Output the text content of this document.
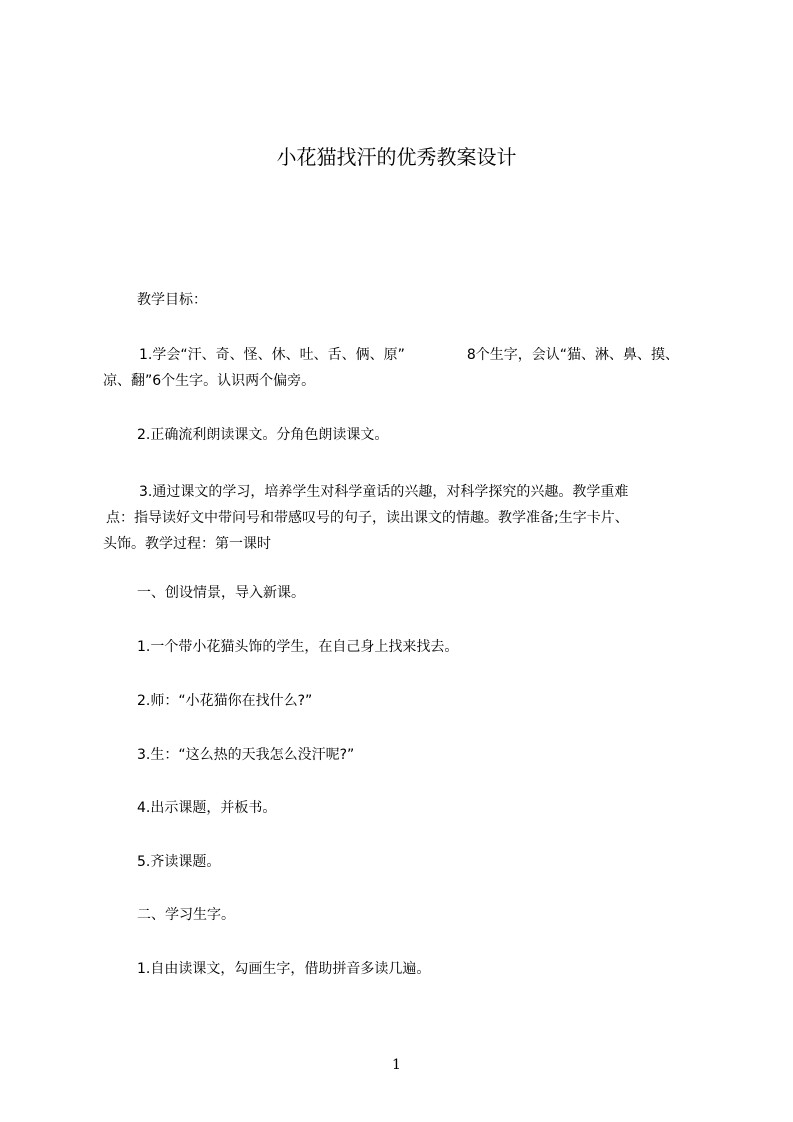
小花猫找汗的优秀教案设计

教学目标：

1.学会“汗、奇、怪、休、吐、舌、俩、原”	8个生字，会认“猫、淋、鼻、摸、
凉、翻”6个生字。认识两个偏旁。

2.正确流利朗读课文。分角色朗读课文。

3.通过课文的学习，培养学生对科学童话的兴趣，对科学探究的兴趣。教学重难
点：指导读好文中带问号和带感叹号的句子，读出课文的情趣。教学准备;生字卡片、
头饰。教学过程：第一课时

一、创设情景，导入新课。

1.一个带小花猫头饰的学生，在自己身上找来找去。

2.师：“小花猫你在找什么?”

3.生：“这么热的天我怎么没汗呢?”

4.出示课题，并板书。

5.齐读课题。

二、学习生字。

1.自由读课文，勾画生字，借助拼音多读几遍。

1
